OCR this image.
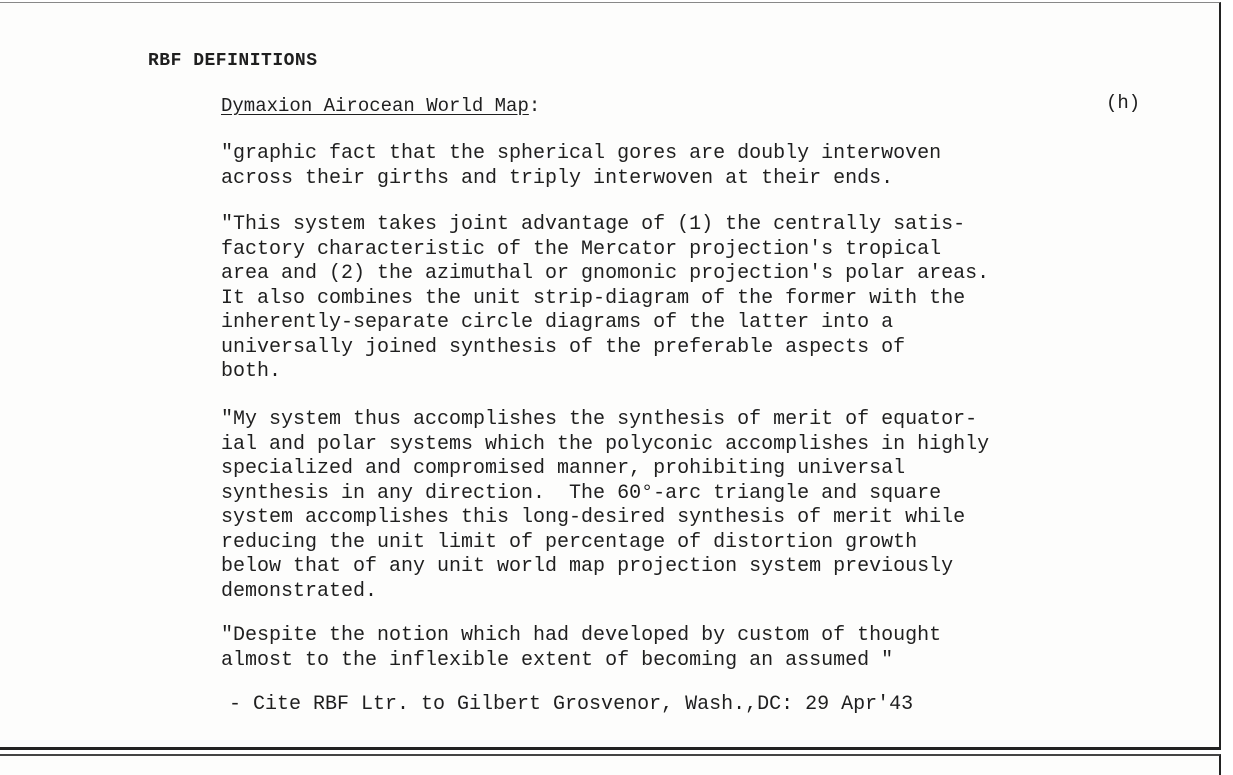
RBF DEFINITIONS
Dymaxion Airocean World Map:	(h)
"graphic fact that the spherical gores are doubly interwoven
across their girths and triply interwoven at their ends.
"This system takes joint advantage of (1) the centrally satis-
factory characteristic of the Mercator projection's tropical
area and (2) the azimuthal or gnomonic projection's polar areas.
It also combines the unit strip-diagram of the former with the
inherently-separate circle diagrams of the latter into a
universally joined synthesis of the preferable aspects of
both.
"My system thus accomplishes the synthesis of merit of equator-
ial and polar systems which the polyconic accomplishes in highly
specialized and compromised manner, prohibiting universal
synthesis in any direction.  The 60°-arc triangle and square
system accomplishes this long-desired synthesis of merit while
reducing the unit limit of percentage of distortion growth
below that of any unit world map projection system previously
demonstrated.
"Despite the notion which had developed by custom of thought
almost to the inflexible extent of becoming an assumed "
- Cite RBF Ltr. to Gilbert Grosvenor, Wash.,DC: 29 Apr'43
